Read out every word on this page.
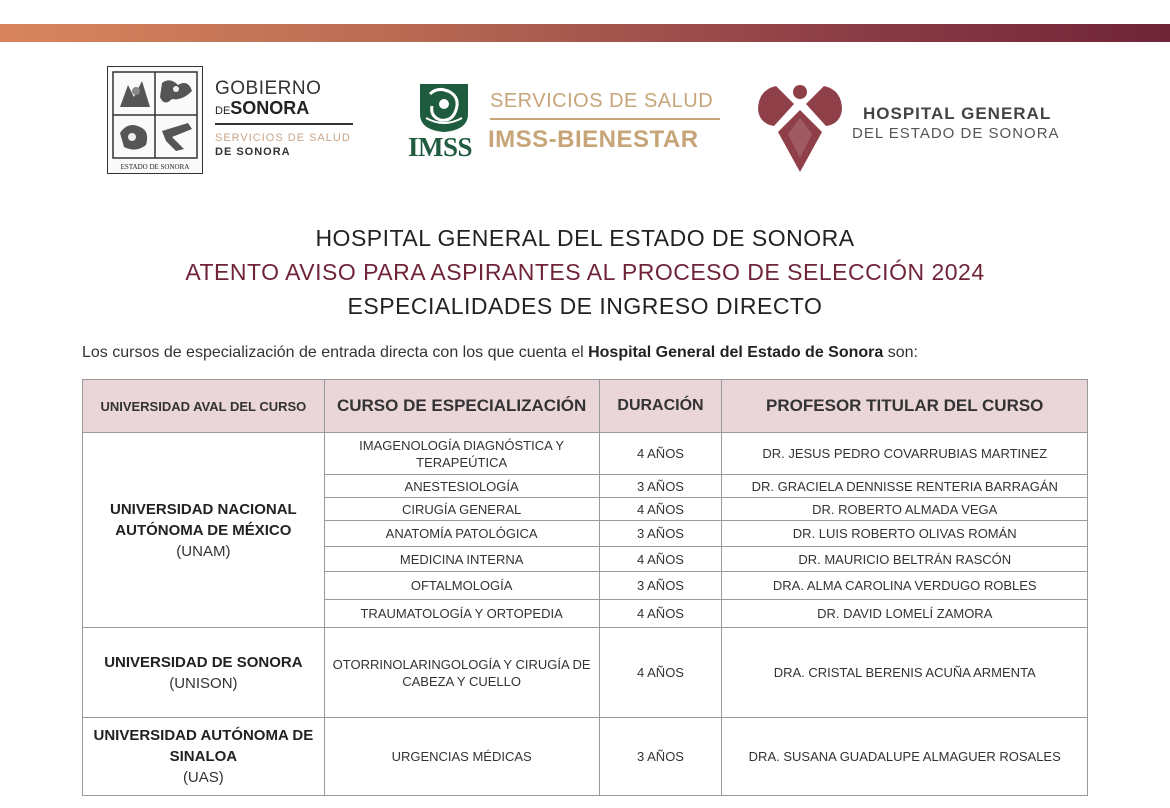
ESTADO DE SONORA
GOBIERNO
DESONORA
SERVICIOS DE SALUD
DE SONORA	IMSS
SERVICIOS DE SALUD
IMSS-BIENESTAR
HOSPITAL GENERAL
DEL ESTADO DE SONORA
HOSPITAL GENERAL DEL ESTADO DE SONORA
ATENTO AVISO PARA ASPIRANTES AL PROCESO DE SELECCIÓN 2024
ESPECIALIDADES DE INGRESO DIRECTO
Los cursos de especialización de entrada directa con los que cuenta el Hospital General del Estado de Sonora son:
UNIVERSIDAD AVAL DEL CURSO	CURSO DE ESPECIALIZACIÓN	DURACIÓN	PROFESOR TITULAR DEL CURSO

UNIVERSIDAD NACIONAL AUTÓNOMA DE MÉXICO
(UNAM)	IMAGENOLOGÍA DIAGNÓSTICA Y TERAPEÚTICA	4 AÑOS	DR. JESUS PEDRO COVARRUBIAS MARTINEZ
	ANESTESIOLOGÍA	3 AÑOS	DR. GRACIELA DENNISSE RENTERIA BARRAGÁN
	CIRUGÍA GENERAL	4 AÑOS	DR. ROBERTO ALMADA VEGA
	ANATOMÍA PATOLÓGICA	3 AÑOS	DR. LUIS ROBERTO OLIVAS ROMÁN
	MEDICINA INTERNA	4 AÑOS	DR. MAURICIO BELTRÁN RASCÓN
	OFTALMOLOGÍA	3 AÑOS	DRA. ALMA CAROLINA VERDUGO ROBLES
	TRAUMATOLOGÍA Y ORTOPEDIA	4 AÑOS	DR. DAVID LOMELÍ ZAMORA

UNIVERSIDAD DE SONORA
(UNISON)	OTORRINOLARINGOLOGÍA Y CIRUGÍA DE CABEZA Y CUELLO	4 AÑOS	DRA. CRISTAL BERENIS ACUÑA ARMENTA

UNIVERSIDAD AUTÓNOMA DE SINALOA
(UAS)	URGENCIAS MÉDICAS	3 AÑOS	DRA. SUSANA GUADALUPE ALMAGUER ROSALES
